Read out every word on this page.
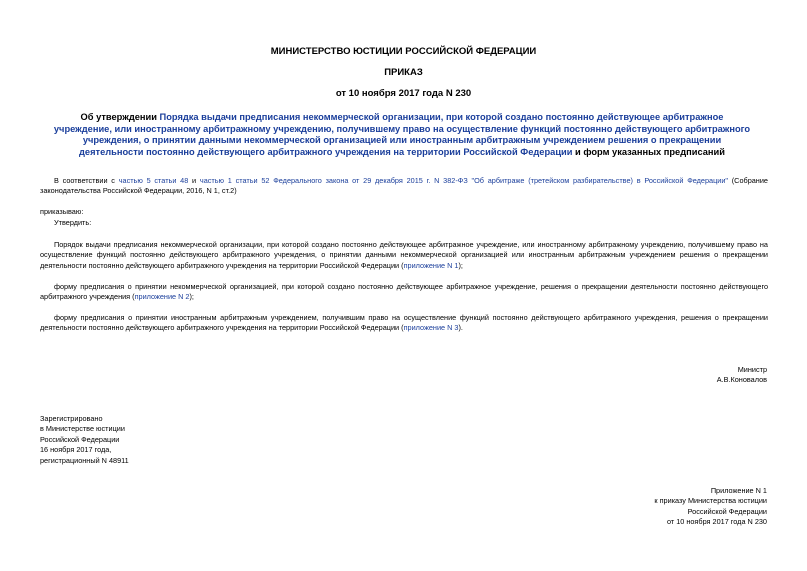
МИНИСТЕРСТВО ЮСТИЦИИ РОССИЙСКОЙ ФЕДЕРАЦИИ
ПРИКАЗ
от 10 ноября 2017 года N 230
Об утверждении Порядка выдачи предписания некоммерческой организации, при которой создано постоянно действующее арбитражное учреждение, или иностранному арбитражному учреждению, получившему право на осуществление функций постоянно действующего арбитражного учреждения, о принятии данными некоммерческой организацией или иностранным арбитражным учреждением решения о прекращении деятельности постоянно действующего арбитражного учреждения на территории Российской Федерации и форм указанных предписаний
В соответствии с частью 5 статьи 48 и частью 1 статьи 52 Федерального закона от 29 декабря 2015 г. N 382-ФЗ "Об арбитраже (третейском разбирательстве) в Российской Федерации" (Собрание законодательства Российской Федерации, 2016, N 1, ст.2)
приказываю:
Утвердить:
Порядок выдачи предписания некоммерческой организации, при которой создано постоянно действующее арбитражное учреждение, или иностранному арбитражному учреждению, получившему право на осуществление функций постоянно действующего арбитражного учреждения, о принятии данными некоммерческой организацией или иностранным арбитражным учреждением решения о прекращении деятельности постоянно действующего арбитражного учреждения на территории Российской Федерации (приложение N 1);
форму предписания о принятии некоммерческой организацией, при которой создано постоянно действующее арбитражное учреждение, решения о прекращении деятельности постоянно действующего арбитражного учреждения (приложение N 2);
форму предписания о принятии иностранным арбитражным учреждением, получившим право на осуществление функций постоянно действующего арбитражного учреждения, решения о прекращении деятельности постоянно действующего арбитражного учреждения на территории Российской Федерации (приложение N 3).
Министр
А.В.Коновалов
Зарегистрировано
в Министерстве юстиции
Российской Федерации
16 ноября 2017 года,
регистрационный N 48911
Приложение N 1
к приказу Министерства юстиции
Российской Федерации
от 10 ноября 2017 года N 230
